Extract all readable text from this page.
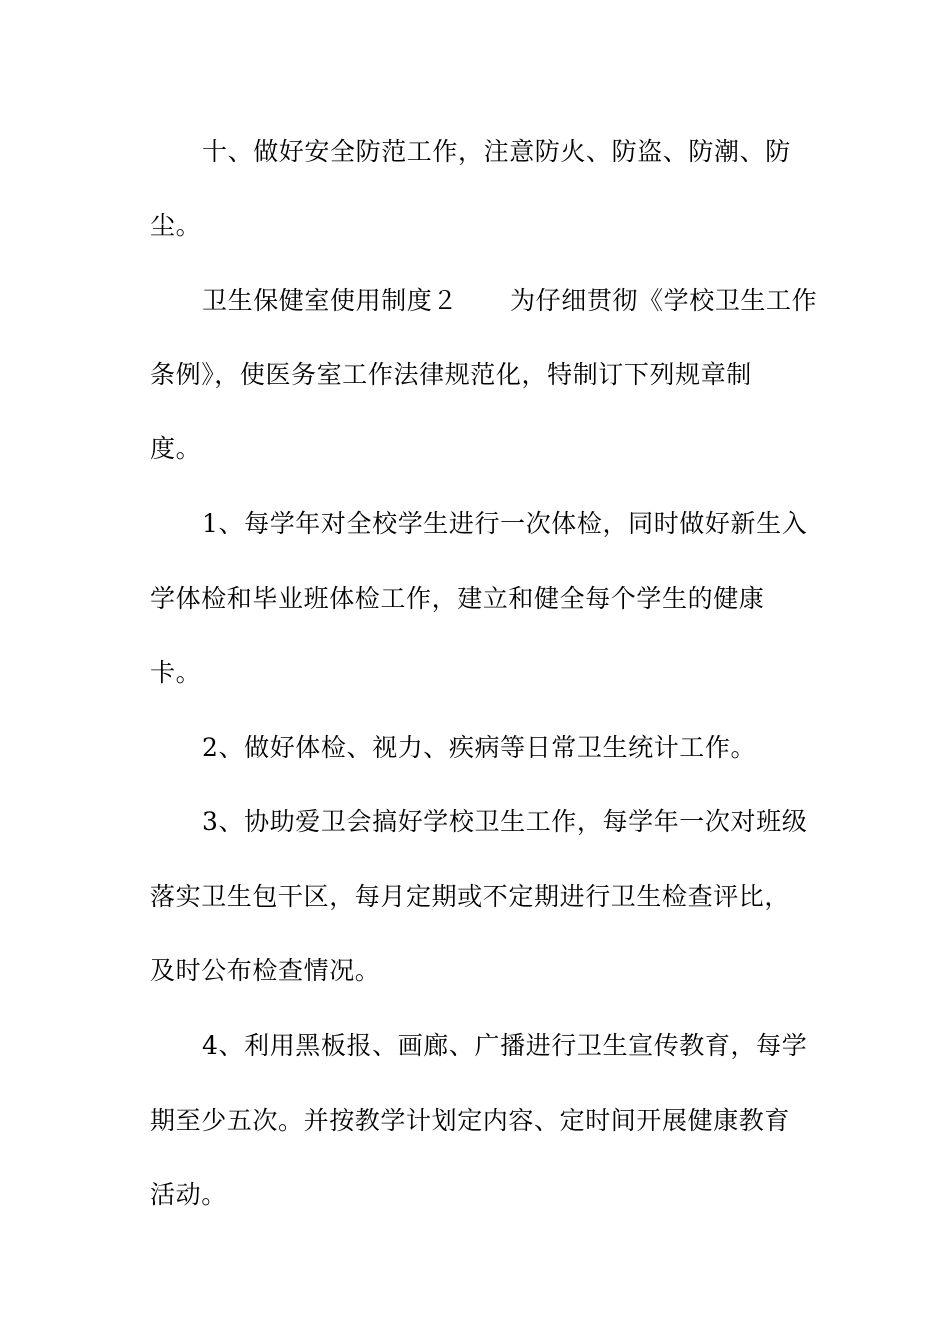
十、做好安全防范工作，注意防火、防盗、防潮、防

尘。

卫生保健室使用制度２ 为仔细贯彻《学校卫生工作

条例》，使医务室工作法律规范化，特制订下列规章制

度。

1、每学年对全校学生进行一次体检，同时做好新生入

学体检和毕业班体检工作，建立和健全每个学生的健康

卡。

2、做好体检、视力、疾病等日常卫生统计工作。

3、协助爱卫会搞好学校卫生工作，每学年一次对班级

落实卫生包干区，每月定期或不定期进行卫生检查评比，

及时公布检查情况。

4、利用黑板报、画廊、广播进行卫生宣传教育，每学

期至少五次。并按教学计划定内容、定时间开展健康教育

活动。
